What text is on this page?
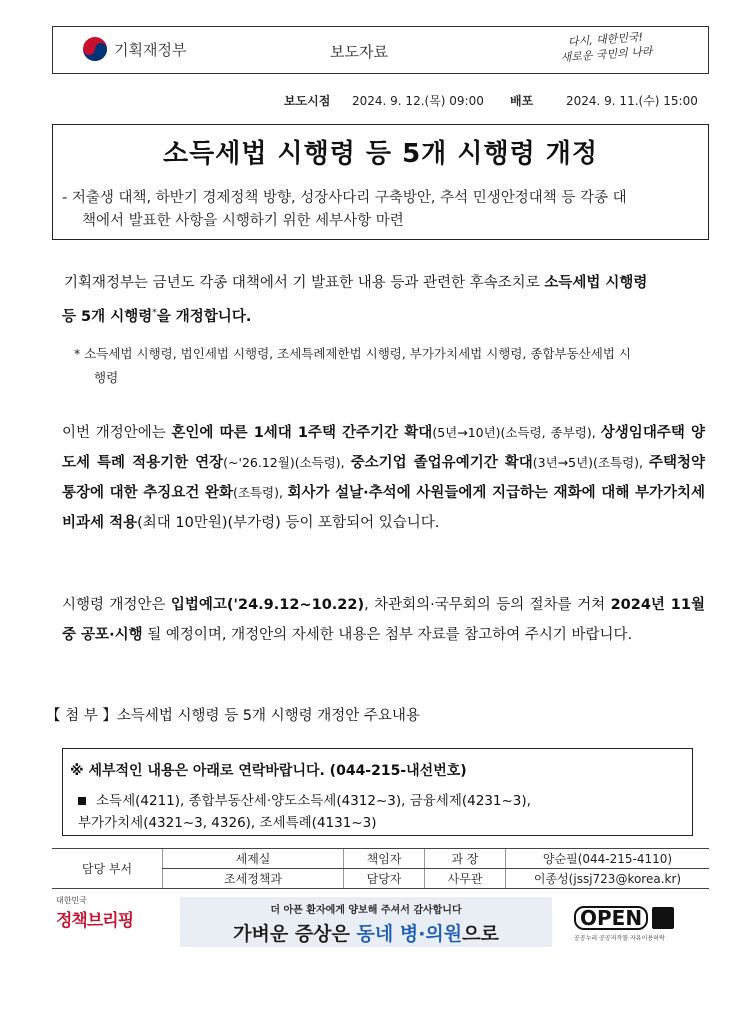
기획재정부	보도자료
다시, 대한민국!
새로운 국민의 나라
보도시점 2024. 9. 12.(목) 09:00 배포	2024. 9. 11.(수) 15:00
소득세법 시행령 등 5개 시행령 개정
- 저출생 대책, 하반기 경제정책 방향, 성장사다리 구축방안, 추석 민생안정대책 등 각종 대
책에서 발표한 사항을 시행하기 위한 세부사항 마련
기획재정부는 금년도 각종 대책에서 기 발표한 내용 등과 관련한 후속조치로 소득세법 시행령
등 5개 시행령*을 개정합니다.
* 소득세법 시행령, 법인세법 시행령, 조세특례제한법 시행령, 부가가치세법 시행령, 종합부동산세법 시
행령
이번 개정안에는 혼인에 따른 1세대 1주택 간주기간 확대(5년→10년)(소득령, 종부령), 상생임대주택 양도세 특례 적용기한 연장(~'26.12월)(소득령), 중소기업 졸업유예기간 확대(3년→5년)(조특령), 주택청약통장에 대한 추징요건 완화(조특령), 회사가 설날·추석에 사원들에게 지급하는 재화에 대해 부가가치세 비과세 적용(최대 10만원)(부가령) 등이 포함되어 있습니다.
시행령 개정안은 입법예고('24.9.12~10.22), 차관회의·국무회의 등의 절차를 거쳐 2024년 11월 중 공포·시행 될 예정이며, 개정안의 자세한 내용은 첨부 자료를 참고하여 주시기 바랍니다.
【 첨 부 】소득세법 시행령 등 5개 시행령 개정안 주요내용
※ 세부적인 내용은 아래로 연락바랍니다. (044-215-내선번호)
소득세(4211), 종합부동산세·양도소득세(4312~3), 금융세제(4231~3),
부가가치세(4321~3, 4326), 조세특례(4131~3)
담당 부서	세제실	책임자	과 장	양순필(044-215-4110)
	조세정책과	담당자	사무관	이종성(jssj723@korea.kr)
대한민국
정책브리핑
더 아픈 환자에게 양보해 주셔서 감사합니다
가벼운 증상은 동네 병·의원으로
OPEN
공공누리 공공저작물 자유이용허락
